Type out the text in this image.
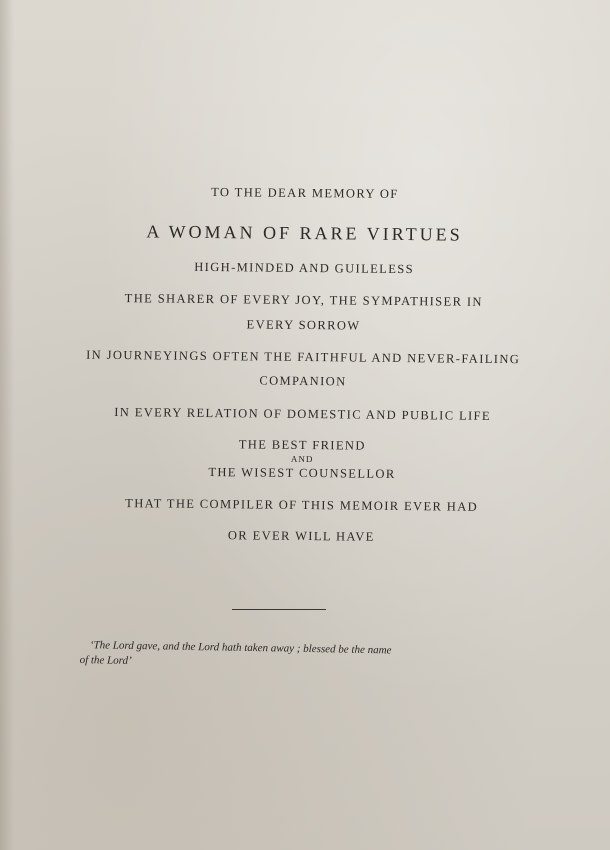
TO THE DEAR MEMORY OF
A WOMAN OF RARE VIRTUES
HIGH-MINDED AND GUILELESS
THE SHARER OF EVERY JOY, THE SYMPATHISER IN
EVERY SORROW
IN JOURNEYINGS OFTEN THE FAITHFUL AND NEVER-FAILING
COMPANION
IN EVERY RELATION OF DOMESTIC AND PUBLIC LIFE
THE BEST FRIEND
AND
THE WISEST COUNSELLOR
THAT THE COMPILER OF THIS MEMOIR EVER HAD
OR EVER WILL HAVE
‘The Lord gave, and the Lord hath taken away ; blessed be the name
of the Lord’
